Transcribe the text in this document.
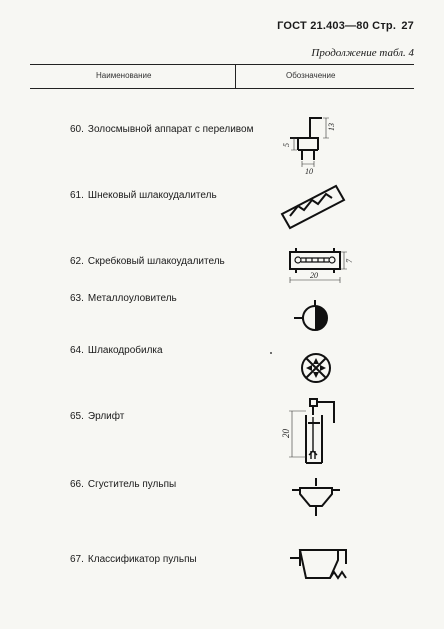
ГОСТ 21.403—80 Стр. 27
Продолжение табл. 4
Наименование	Обозначение
60. Золосмывной аппарат с переливом
5
13
10
61. Шнековый шлакоудалитель
62. Скребковый шлакоудалитель	7
20
63. Металлоуловитель
64. Шлакодробилка
65. Эрлифт
20
66. Сгуститель пульпы
67. Классификатор пульпы
